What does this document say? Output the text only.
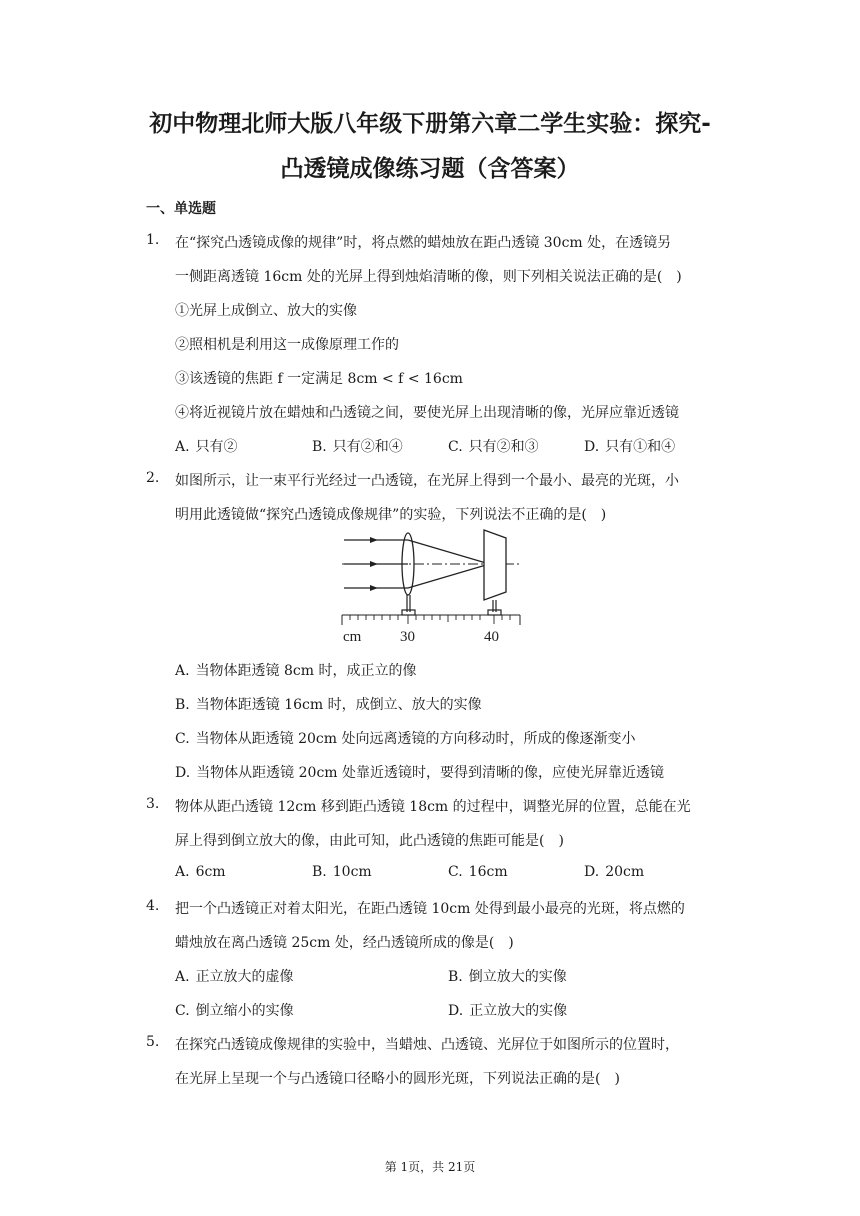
初中物理北师大版八年级下册第六章二学生实验：探究-
凸透镜成像练习题（含答案）
一、单选题
1. 在“探究凸透镜成像的规律”时，将点燃的蜡烛放在距凸透镜 30cm 处，在透镜另
一侧距离透镜 16cm 处的光屏上得到烛焰清晰的像，则下列相关说法正确的是(　)
①光屏上成倒立、放大的实像
②照相机是利用这一成像原理工作的
③该透镜的焦距 f 一定满足 8cm < f < 16cm
④将近视镜片放在蜡烛和凸透镜之间，要使光屏上出现清晰的像，光屏应靠近透镜
A. 只有②	B. 只有②和④	C. 只有②和③	D. 只有①和④
2. 如图所示，让一束平行光经过一凸透镜，在光屏上得到一个最小、最亮的光斑，小
明用此透镜做“探究凸透镜成像规律”的实验，下列说法不正确的是(　)
cm	30	40
A. 当物体距透镜 8cm 时，成正立的像
B. 当物体距透镜 16cm 时，成倒立、放大的实像
C. 当物体从距透镜 20cm 处向远离透镜的方向移动时，所成的像逐渐变小
D. 当物体从距透镜 20cm 处靠近透镜时，要得到清晰的像，应使光屏靠近透镜
3. 物体从距凸透镜 12cm 移到距凸透镜 18cm 的过程中，调整光屏的位置，总能在光
屏上得到倒立放大的像，由此可知，此凸透镜的焦距可能是(　)
A. 6cm	B. 10cm	C. 16cm	D. 20cm
4. 把一个凸透镜正对着太阳光，在距凸透镜 10cm 处得到最小最亮的光斑，将点燃的
蜡烛放在离凸透镜 25cm 处，经凸透镜所成的像是(　)
A. 正立放大的虚像	B. 倒立放大的实像
C. 倒立缩小的实像	D. 正立放大的实像
5. 在探究凸透镜成像规律的实验中，当蜡烛、凸透镜、光屏位于如图所示的位置时，
在光屏上呈现一个与凸透镜口径略小的圆形光斑，下列说法正确的是(　)
第 1页，共 21页
